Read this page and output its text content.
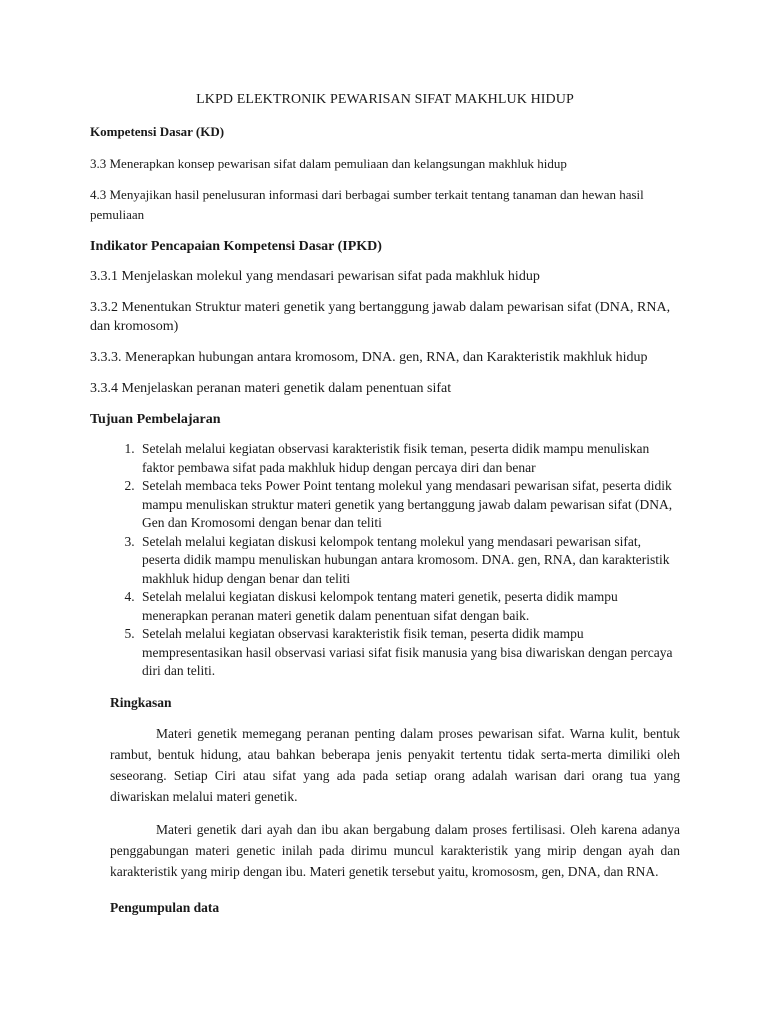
LKPD ELEKTRONIK PEWARISAN SIFAT MAKHLUK HIDUP
Kompetensi Dasar (KD)
3.3 Menerapkan konsep pewarisan sifat dalam pemuliaan dan kelangsungan makhluk hidup
4.3 Menyajikan hasil penelusuran informasi dari berbagai sumber terkait tentang tanaman dan hewan hasil pemuliaan
Indikator Pencapaian Kompetensi Dasar (IPKD)
3.3.1 Menjelaskan molekul yang mendasari pewarisan sifat pada makhluk hidup
3.3.2 Menentukan Struktur materi genetik yang bertanggung jawab dalam pewarisan sifat (DNA, RNA, dan kromosom)
3.3.3. Menerapkan hubungan antara kromosom, DNA. gen, RNA, dan Karakteristik makhluk hidup
3.3.4 Menjelaskan peranan materi genetik dalam penentuan sifat
Tujuan Pembelajaran
1. Setelah melalui kegiatan observasi karakteristik fisik teman, peserta didik mampu menuliskan faktor pembawa sifat pada makhluk hidup dengan percaya diri dan benar
2. Setelah membaca teks Power Point tentang molekul yang mendasari pewarisan sifat, peserta didik mampu menuliskan struktur materi genetik yang bertanggung jawab dalam pewarisan sifat (DNA, Gen dan Kromosomi dengan benar dan teliti
3. Setelah melalui kegiatan diskusi kelompok tentang molekul yang mendasari pewarisan sifat, peserta didik mampu menuliskan hubungan antara kromosom. DNA. gen, RNA, dan karakteristik makhluk hidup dengan benar dan teliti
4. Setelah melalui kegiatan diskusi kelompok tentang materi genetik, peserta didik mampu menerapkan peranan materi genetik dalam penentuan sifat dengan baik.
5. Setelah melalui kegiatan observasi karakteristik fisik teman, peserta didik mampu mempresentasikan hasil observasi variasi sifat fisik manusia yang bisa diwariskan dengan percaya diri dan teliti.
Ringkasan
Materi genetik memegang peranan penting dalam proses pewarisan sifat. Warna kulit, bentuk rambut, bentuk hidung, atau bahkan beberapa jenis penyakit tertentu tidak serta-merta dimiliki oleh seseorang. Setiap Ciri atau sifat yang ada pada setiap orang adalah warisan dari orang tua yang diwariskan melalui materi genetik.
Materi genetik dari ayah dan ibu akan bergabung dalam proses fertilisasi. Oleh karena adanya penggabungan materi genetic inilah pada dirimu muncul karakteristik yang mirip dengan ayah dan karakteristik yang mirip dengan ibu. Materi genetik tersebut yaitu, kromososm, gen, DNA, dan RNA.
Pengumpulan data
